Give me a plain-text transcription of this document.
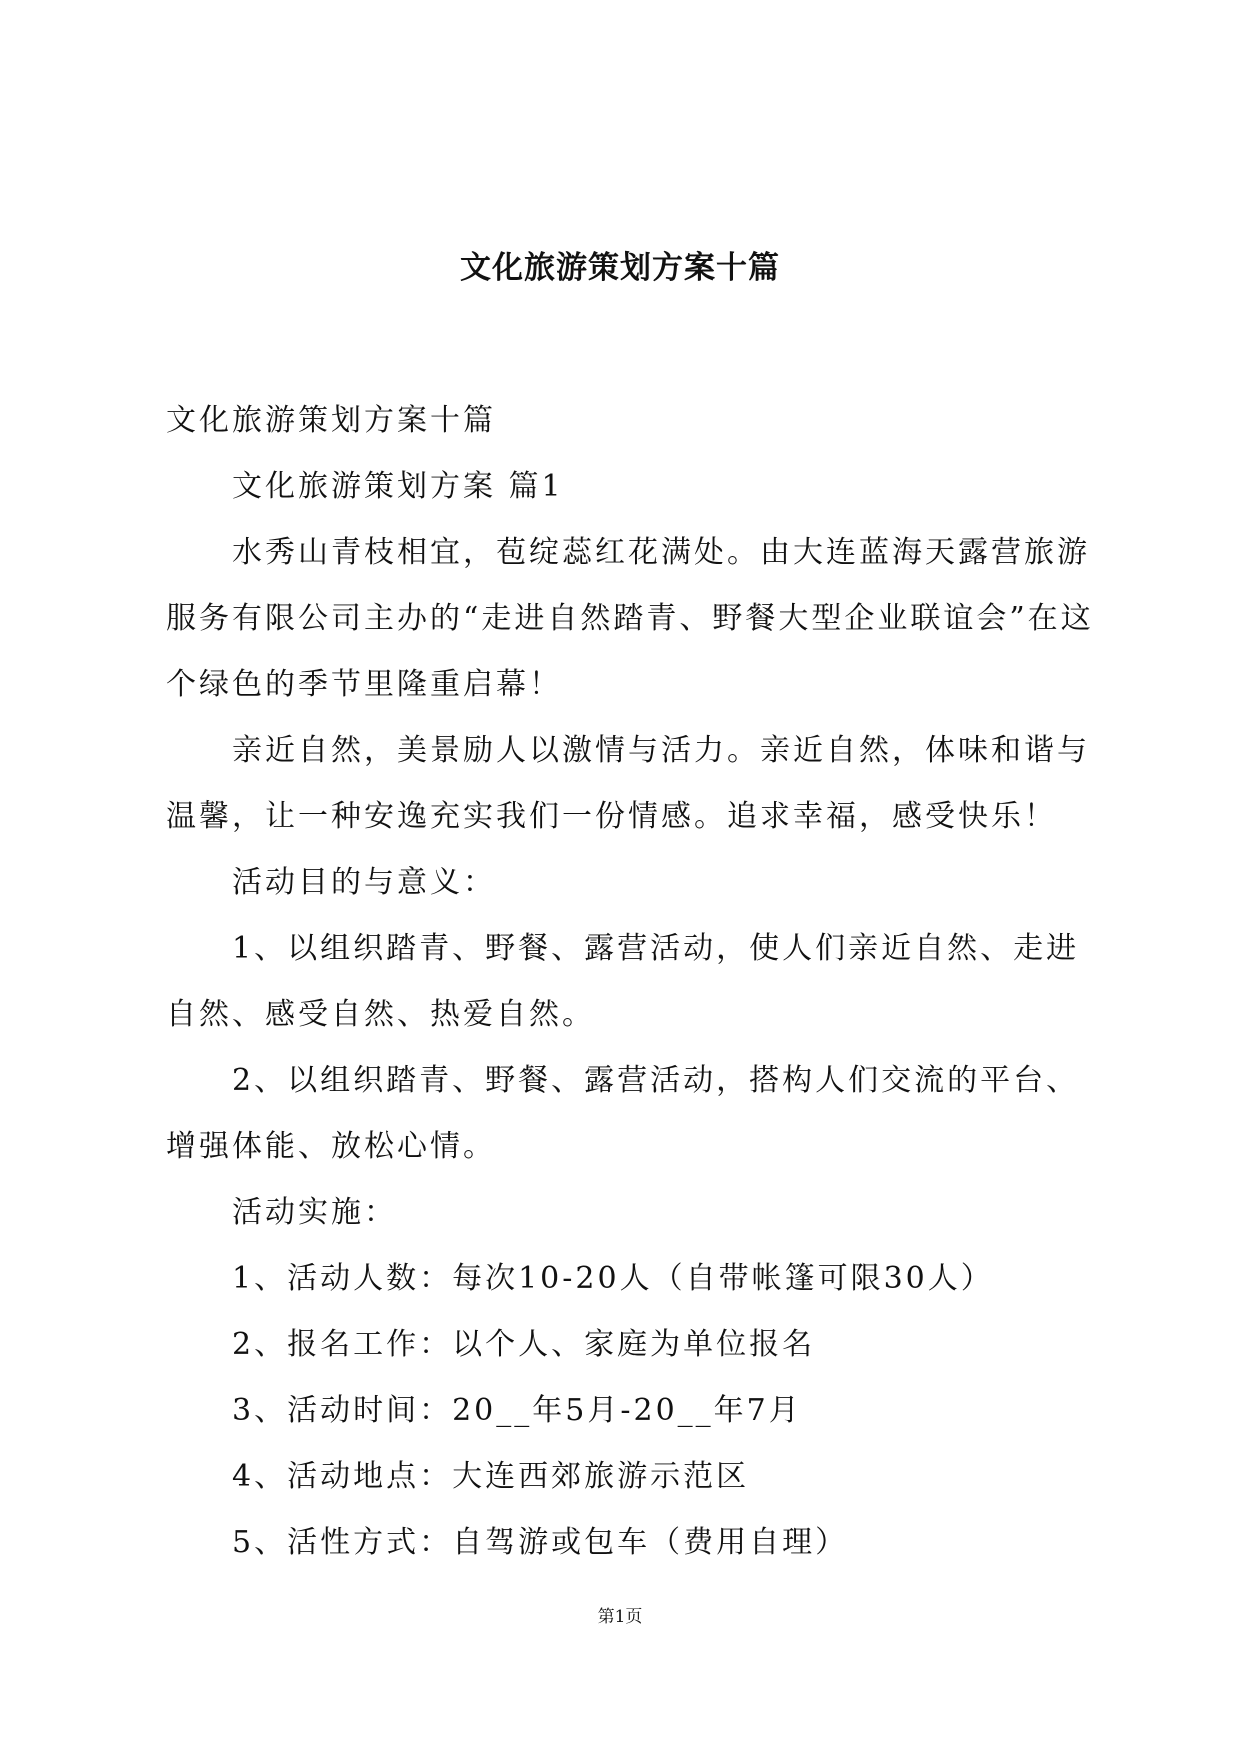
文化旅游策划方案十篇

文化旅游策划方案十篇

文化旅游策划方案 篇1

水秀山青枝相宜，苞绽蕊红花满处。由大连蓝海天露营旅游服务有限公司主办的“走进自然踏青、野餐大型企业联谊会”在这个绿色的季节里隆重启幕！

亲近自然，美景励人以激情与活力。亲近自然，体味和谐与温馨，让一种安逸充实我们一份情感。追求幸福，感受快乐！

活动目的与意义：

1、以组织踏青、野餐、露营活动，使人们亲近自然、走进自然、感受自然、热爱自然。

2、以组织踏青、野餐、露营活动，搭构人们交流的平台、增强体能、放松心情。

活动实施：

1、活动人数：每次10-20人（自带帐篷可限30人）

2、报名工作：以个人、家庭为单位报名

3、活动时间：20__年5月-20__年7月

4、活动地点：大连西郊旅游示范区

5、活性方式：自驾游或包车（费用自理）

第1页
